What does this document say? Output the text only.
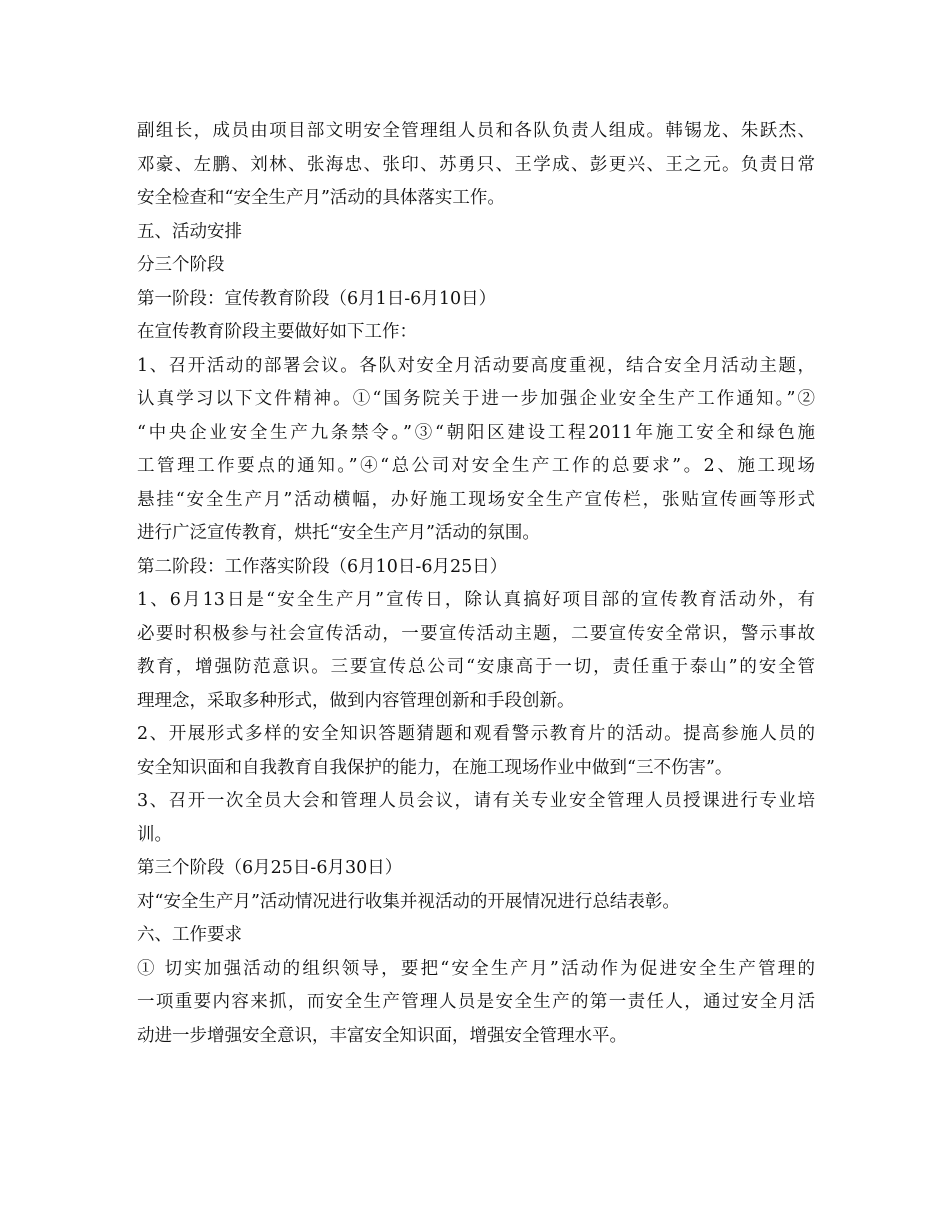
副组长，成员由项目部文明安全管理组人员和各队负责人组成。韩锡龙、朱跃杰、
邓豪、左鹏、刘林、张海忠、张印、苏勇只、王学成、彭更兴、王之元。负责日常
安全检查和“安全生产月”活动的具体落实工作。
五、活动安排
分三个阶段
第一阶段：宣传教育阶段（6月1日-6月10日）
在宣传教育阶段主要做好如下工作：
1、召开活动的部署会议。各队对安全月活动要高度重视，结合安全月活动主题，
认真学习以下文件精神。①“国务院关于进一步加强企业安全生产工作通知。”②
“中央企业安全生产九条禁令。”③“朝阳区建设工程2011年施工安全和绿色施
工管理工作要点的通知。”④“总公司对安全生产工作的总要求”。2、施工现场
悬挂“安全生产月”活动横幅，办好施工现场安全生产宣传栏，张贴宣传画等形式
进行广泛宣传教育，烘托“安全生产月”活动的氛围。
第二阶段：工作落实阶段（6月10日-6月25日）
1、6月13日是“安全生产月”宣传日，除认真搞好项目部的宣传教育活动外，有
必要时积极参与社会宣传活动，一要宣传活动主题，二要宣传安全常识，警示事故
教育，增强防范意识。三要宣传总公司“安康高于一切，责任重于泰山”的安全管
理理念，采取多种形式，做到内容管理创新和手段创新。
2、开展形式多样的安全知识答题猜题和观看警示教育片的活动。提高参施人员的
安全知识面和自我教育自我保护的能力，在施工现场作业中做到“三不伤害”。
3、召开一次全员大会和管理人员会议，请有关专业安全管理人员授课进行专业培
训。
第三个阶段（6月25日-6月30日）
对“安全生产月”活动情况进行收集并视活动的开展情况进行总结表彰。
六、工作要求
① 切实加强活动的组织领导，要把“安全生产月”活动作为促进安全生产管理的
一项重要内容来抓，而安全生产管理人员是安全生产的第一责任人，通过安全月活
动进一步增强安全意识，丰富安全知识面，增强安全管理水平。
